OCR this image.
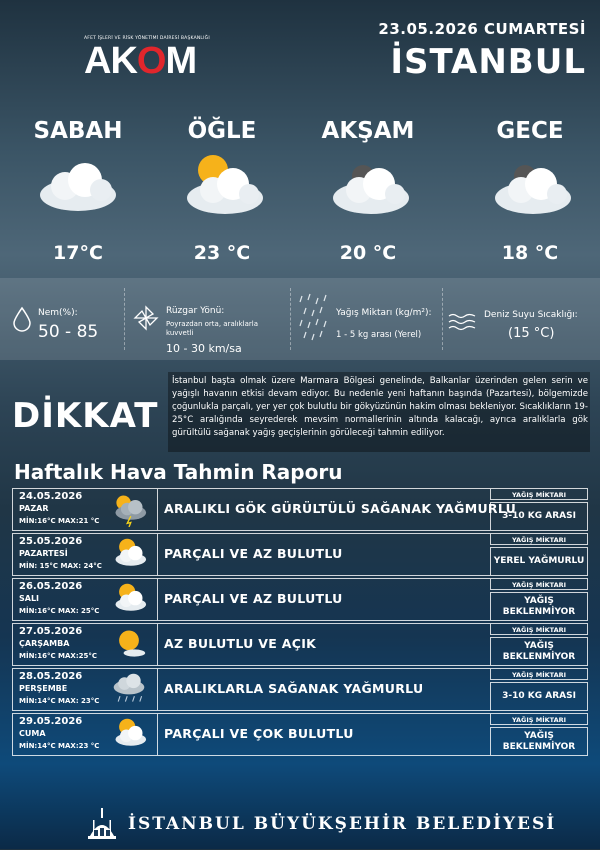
AFET İŞLERİ VE RİSK YÖNETİMİ DAİRESİ BAŞKANLIĞI
AKOM
23.05.2026 CUMARTESİ
İSTANBUL
SABAH
17°C
ÖĞLE
23 °C
AKŞAM
20 °C
GECE
18 °C
Nem(%):
50 - 85
Rüzgar Yönü:
Poyrazdan orta, aralıklarla kuvvetli
10 - 30 km/sa
Yağış Miktarı (kg/m²):
1 - 5 kg arası (Yerel)
Deniz Suyu Sıcaklığı:
(15 °C)
DİKKAT
İstanbul başta olmak üzere Marmara Bölgesi genelinde, Balkanlar üzerinden gelen serin ve yağışlı havanın etkisi devam ediyor. Bu nedenle yeni haftanın başında (Pazartesi), bölgemizde çoğunlukla parçalı, yer yer çok bulutlu bir gökyüzünün hakim olması bekleniyor. Sıcaklıkların 19-25°C aralığında seyrederek mevsim normallerinin altında kalacağı, ayrıca aralıklarla gök gürültülü sağanak yağış geçişlerinin görüleceği tahmin ediliyor.
Haftalık Hava Tahmin Raporu
24.05.2026
PAZAR
MİN:16°C MAX:21 °C
ARALIKLI GÖK GÜRÜLTÜLÜ SAĞANAK YAĞMURLU
YAĞIŞ MİKTARI
3-10 KG ARASI
25.05.2026
PAZARTESİ
MİN: 15°C MAX: 24°C
PARÇALI VE AZ BULUTLU
YAĞIŞ MİKTARI
YEREL YAĞMURLU
26.05.2026
SALI
MİN:16°C MAX: 25°C
PARÇALI VE AZ BULUTLU
YAĞIŞ MİKTARI
YAĞIŞ BEKLENMİYOR
27.05.2026
ÇARŞAMBA
MİN:16°C MAX:25°C
AZ BULUTLU VE AÇIK
YAĞIŞ MİKTARI
YAĞIŞ BEKLENMİYOR
28.05.2026
PERŞEMBE
MİN:14°C MAX: 23°C
ARALIKLARLA SAĞANAK YAĞMURLU
YAĞIŞ MİKTARI
3-10 KG ARASI
29.05.2026
CUMA
MİN:14°C MAX:23 °C
PARÇALI VE ÇOK BULUTLU
YAĞIŞ MİKTARI
YAĞIŞ BEKLENMİYOR
İSTANBUL BÜYÜKŞEHİR BELEDİYESİ
